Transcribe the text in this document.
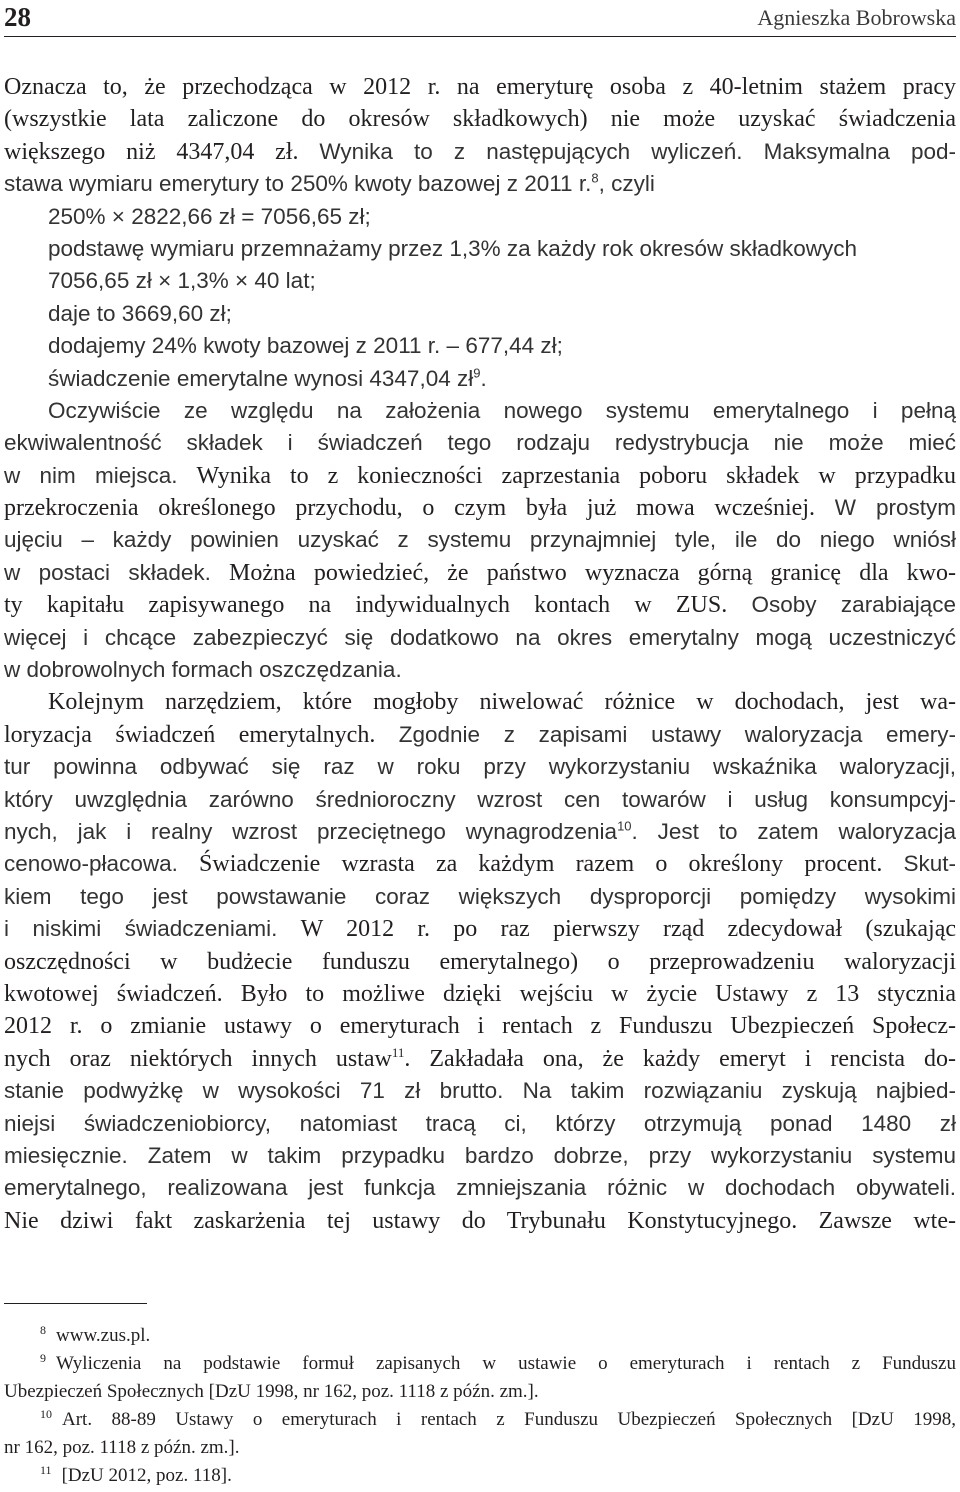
28	Agnieszka Bobrowska
Oznacza to, że przechodząca w 2012 r. na emeryturę osoba z 40-letnim stażem pracy
(wszystkie lata zaliczone do okresów składkowych) nie może uzyskać świadczenia
większego niż 4347,04 zł. Wynika to z następujących wyliczeń. Maksymalna pod-
stawa wymiaru emerytury to 250% kwoty bazowej z 2011 r.$^8$, czyli
250% × 2822,66 zł = 7056,65 zł;
podstawę wymiaru przemnażamy przez 1,3% za każdy rok okresów składkowych
7056,65 zł × 1,3% × 40 lat;
daje to 3669,60 zł;
dodajemy 24% kwoty bazowej z 2011 r. – 677,44 zł;
świadczenie emerytalne wynosi 4347,04 $zł^9$.
Oczywiście ze względu na założenia nowego systemu emerytalnego i pełną
ekwiwalentność składek i świadczeń tego rodzaju redystrybucja nie może mieć
w nim miejsca. Wynika to z konieczności zaprzestania poboru składek w przypadku
przekroczenia określonego przychodu, o czym była już mowa wcześniej. W prostym
ujęciu – każdy powinien uzyskać z systemu przynajmniej tyle, ile do niego wniósł
w postaci składek. Można powiedzieć, że państwo wyznacza górną granicę dla kwo-
ty kapitału zapisywanego na indywidualnych kontach w ZUS. Osoby zarabiające
więcej i chcące zabezpieczyć się dodatkowo na okres emerytalny mogą uczestniczyć
w dobrowolnych formach oszczędzania.
Kolejnym narzędziem, które mogłoby niwelować różnice w dochodach, jest wa-
loryzacja świadczeń emerytalnych. Zgodnie z zapisami ustawy waloryzacja emery-
tur powinna odbywać się raz w roku przy wykorzystaniu wskaźnika waloryzacji,
który uwzględnia zarówno średnioroczny wzrost cen towarów i usług konsumpcyj-
nych, jak i realny wzrost przeciętnego wynagrodzenia$^{10}$. Jest to zatem waloryzacja
cenowo-płacowa. Świadczenie wzrasta za każdym razem o określony procent. Skut-
kiem tego jest powstawanie coraz większych dysproporcji pomiędzy wysokimi
i niskimi świadczeniami. W 2012 r. po raz pierwszy rząd zdecydował (szukając
oszczędności w budżecie funduszu emerytalnego) o przeprowadzeniu waloryzacji
kwotowej świadczeń. Było to możliwe dzięki wejściu w życie Ustawy z 13 stycznia
2012 r. o zmianie ustawy o emeryturach i rentach z Funduszu Ubezpieczeń Społecz-
nych oraz niektórych innych ustaw$^{11}$. Zakładała ona, że każdy emeryt i rencista do-
stanie podwyżkę w wysokości 71 zł brutto. Na takim rozwiązaniu zyskują najbied-
niejsi świadczeniobiorcy, natomiast tracą ci, którzy otrzymują ponad 1480 zł
miesięcznie. Zatem w takim przypadku bardzo dobrze, przy wykorzystaniu systemu
emerytalnego, realizowana jest funkcja zmniejszania różnic w dochodach obywateli.
Nie dziwi fakt zaskarżenia tej ustawy do Trybunału Konstytucyjnego. Zawsze wte-
$^8$ www.zus.pl.
$^9$ Wyliczenia na podstawie formuł zapisanych w ustawie o emeryturach i rentach z Funduszu
Ubezpieczeń Społecznych [DzU 1998, nr 162, poz. 1118 z późn. zm.].
$^{10}$ Art. 88-89 Ustawy o emeryturach i rentach z Funduszu Ubezpieczeń Społecznych [DzU 1998,
nr 162, poz. 1118 z późn. zm.].
$^{11}$ [DzU 2012, poz. 118].
